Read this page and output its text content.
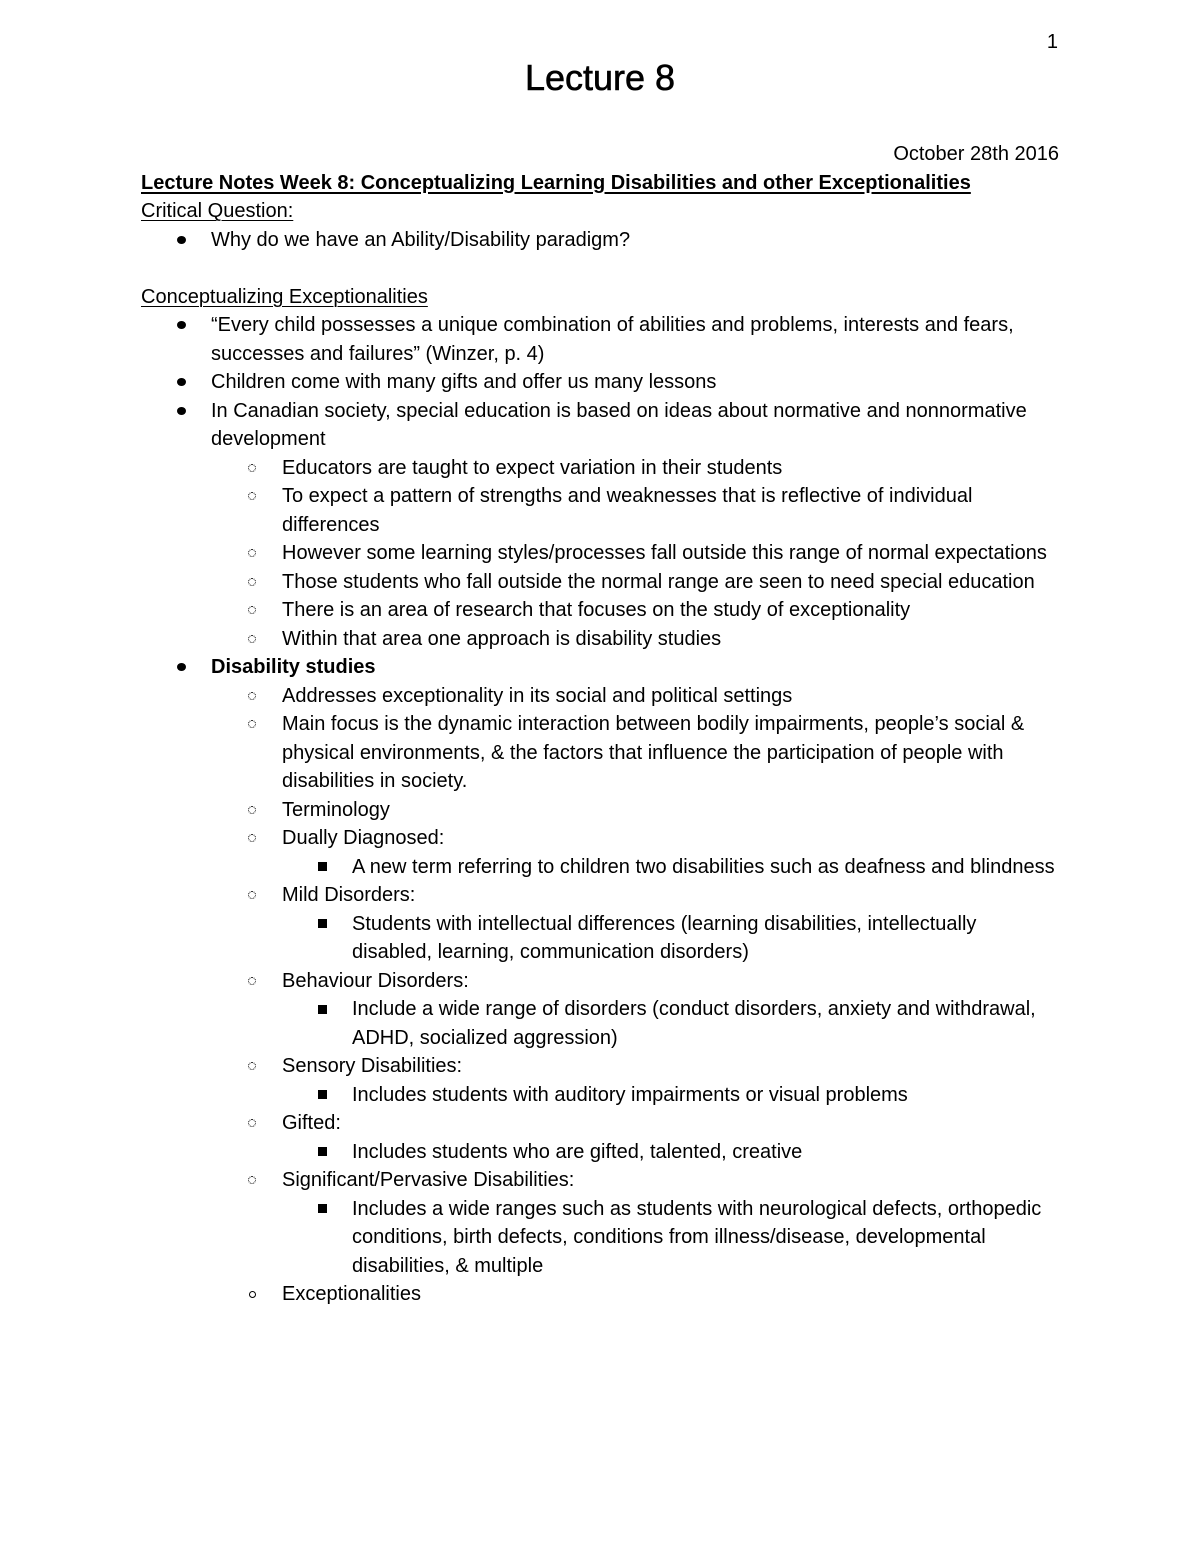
1
Lecture 8

October 28th 2016

Lecture Notes Week 8: Conceptualizing Learning Disabilities and other Exceptionalities

Critical Question:

Why do we have an Ability/Disability paradigm?

Conceptualizing Exceptionalities

“Every child possesses a unique combination of abilities and problems, interests and fears, successes and failures” (Winzer, p. 4)
Children come with many gifts and offer us many lessons
In Canadian society, special education is based on ideas about normative and nonnormative development
Educators are taught to expect variation in their students
To expect a pattern of strengths and weaknesses that is reflective of individual differences
However some learning styles/processes fall outside this range of normal expectations
Those students who fall outside the normal range are seen to need special education
There is an area of research that focuses on the study of exceptionality
Within that area one approach is disability studies
Disability studies
Addresses exceptionality in its social and political settings
Main focus is the dynamic interaction between bodily impairments, people’s social & physical environments, & the factors that influence the participation of people with disabilities in society.
Terminology
Dually Diagnosed:
A new term referring to children two disabilities such as deafness and blindness
Mild Disorders:
Students with intellectual differences (learning disabilities, intellectually disabled, learning, communication disorders)
Behaviour Disorders:
Include a wide range of disorders (conduct disorders, anxiety and withdrawal, ADHD, socialized aggression)
Sensory Disabilities:
Includes students with auditory impairments or visual problems
Gifted:
Includes students who are gifted, talented, creative
Significant/Pervasive Disabilities:
Includes a wide ranges such as students with neurological defects, orthopedic conditions, birth defects, conditions from illness/disease, developmental disabilities, & multiple
Exceptionalities
